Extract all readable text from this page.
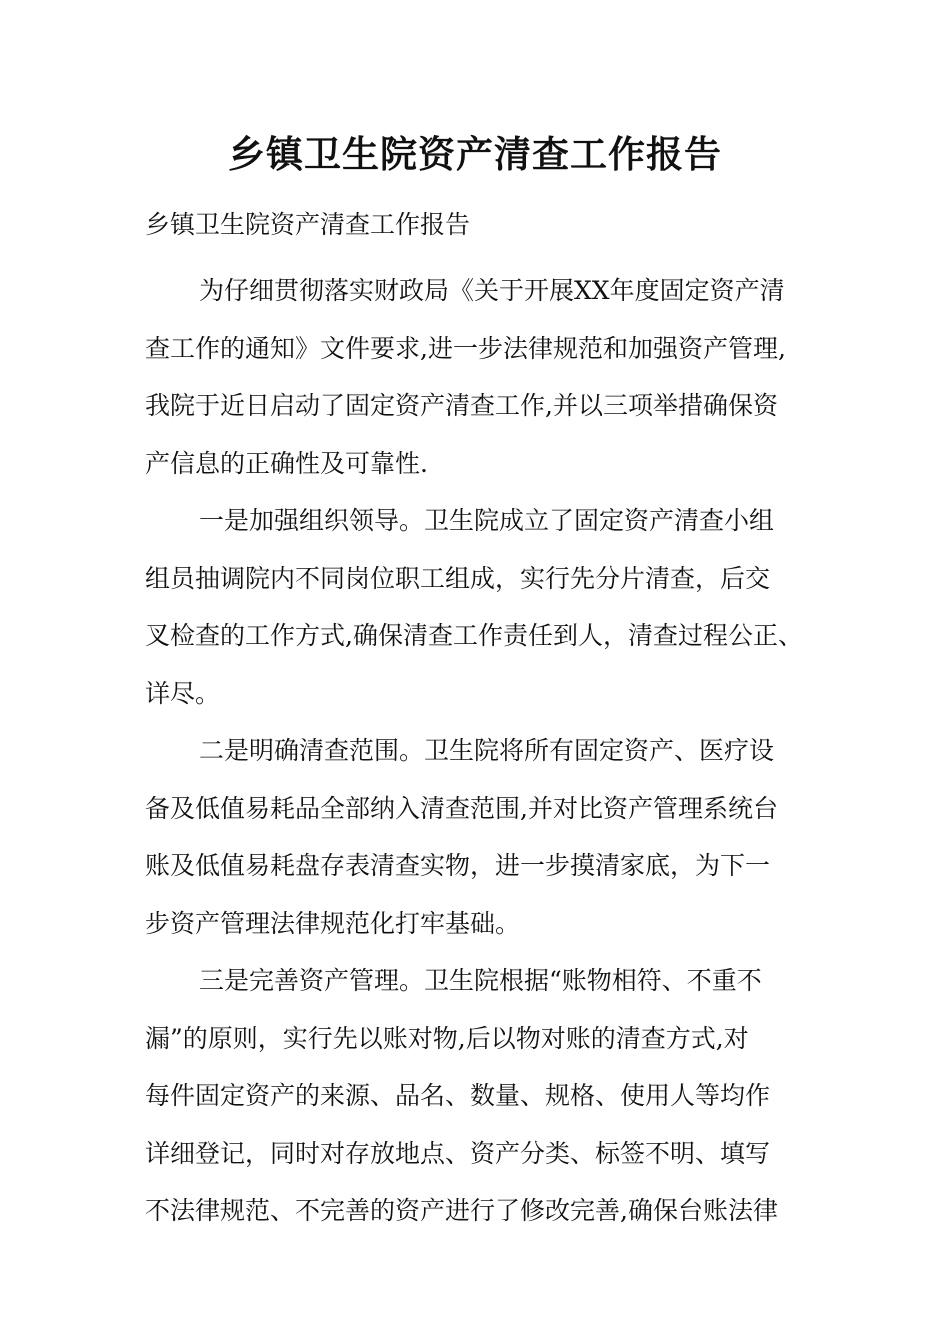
乡镇卫生院资产清查工作报告

乡镇卫生院资产清查工作报告

为仔细贯彻落实财政局《关于开展XX年度固定资产清
查工作的通知》文件要求,进一步法律规范和加强资产管理,
我院于近日启动了固定资产清查工作,并以三项举措确保资
产信息的正确性及可靠性.

一是加强组织领导。卫生院成立了固定资产清查小组
组员抽调院内不同岗位职工组成，实行先分片清查，后交
叉检查的工作方式,确保清查工作责任到人，清查过程公正、
详尽。

二是明确清查范围。卫生院将所有固定资产、医疗设
备及低值易耗品全部纳入清查范围,并对比资产管理系统台
账及低值易耗盘存表清查实物，进一步摸清家底，为下一
步资产管理法律规范化打牢基础。

三是完善资产管理。卫生院根据“账物相符、不重不
漏”的原则，实行先以账对物,后以物对账的清查方式,对
每件固定资产的来源、品名、数量、规格、使用人等均作
详细登记，同时对存放地点、资产分类、标签不明、填写
不法律规范、不完善的资产进行了修改完善,确保台账法律
